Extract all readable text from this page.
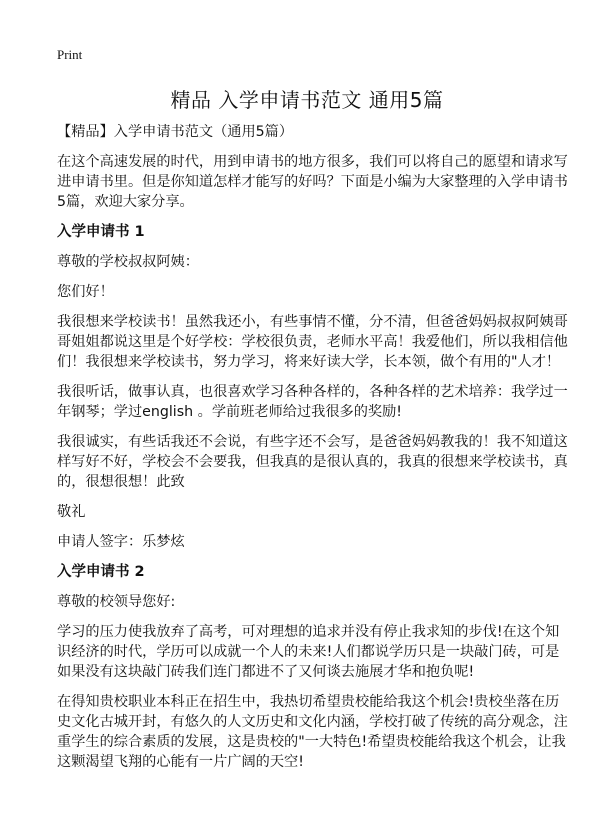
Print
精品 入学申请书范文 通用5篇
【精品】入学申请书范文（通用5篇）
在这个高速发展的时代，用到申请书的地方很多，我们可以将自己的愿望和请求写
进申请书里。但是你知道怎样才能写的好吗？下面是小编为大家整理的入学申请书
5篇，欢迎大家分享。
入学申请书 1
尊敬的学校叔叔阿姨：
您们好！
我很想来学校读书！虽然我还小，有些事情不懂，分不清，但爸爸妈妈叔叔阿姨哥
哥姐姐都说这里是个好学校：学校很负责，老师水平高！我爱他们，所以我相信他
们！我很想来学校读书，努力学习，将来好读大学，长本领，做个有用的"人才！
我很听话，做事认真，也很喜欢学习各种各样的，各种各样的艺术培养：我学过一
年钢琴；学过english 。学前班老师给过我很多的奖励!
我很诚实，有些话我还不会说，有些字还不会写，是爸爸妈妈教我的！我不知道这
样写好不好，学校会不会要我，但我真的是很认真的，我真的很想来学校读书，真
的，很想很想！此致
敬礼
申请人签字：乐梦炫
入学申请书 2
尊敬的校领导您好:
学习的压力使我放弃了高考，可对理想的追求并没有停止我求知的步伐!在这个知
识经济的时代，学历可以成就一个人的未来!人们都说学历只是一块敲门砖，可是
如果没有这块敲门砖我们连门都进不了又何谈去施展才华和抱负呢!
在得知贵校职业本科正在招生中，我热切希望贵校能给我这个机会!贵校坐落在历
史文化古城开封，有悠久的人文历史和文化内涵，学校打破了传统的高分观念，注
重学生的综合素质的发展，这是贵校的"一大特色!希望贵校能给我这个机会，让我
这颗渴望飞翔的心能有一片广阔的天空!
